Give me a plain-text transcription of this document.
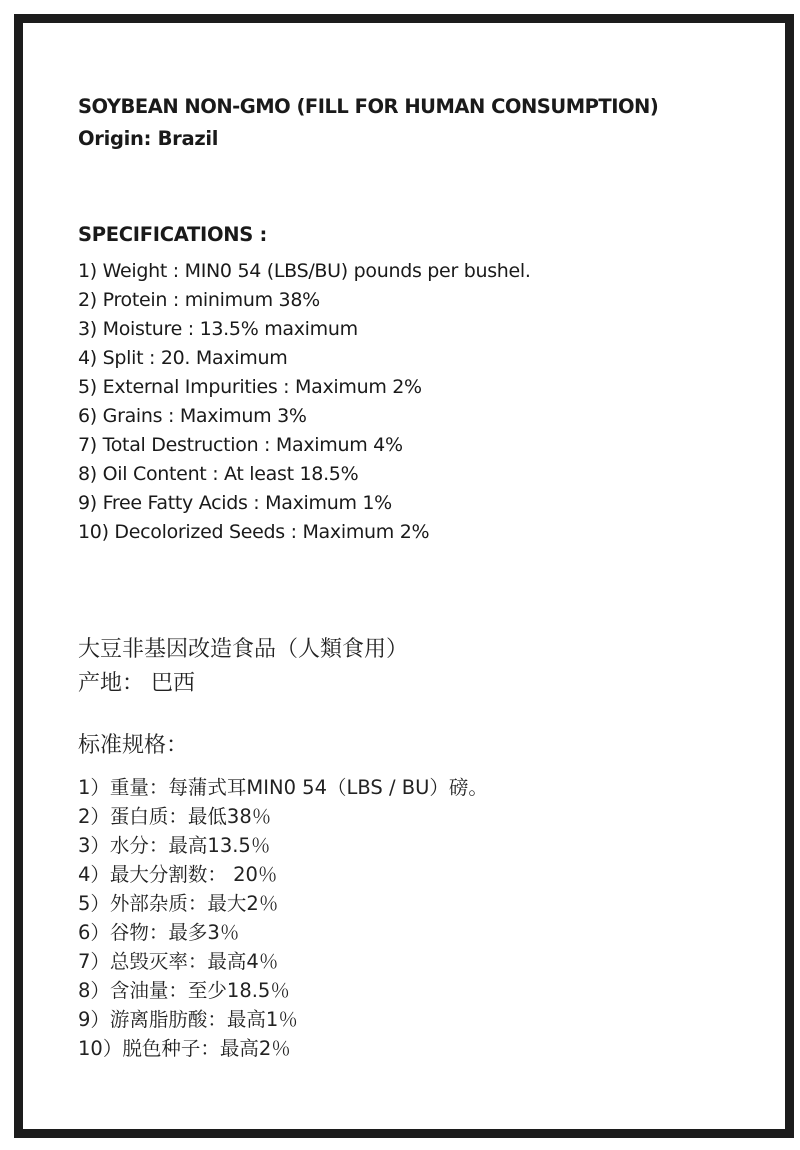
SOYBEAN NON-GMO (FILL FOR HUMAN CONSUMPTION)
Origin: Brazil
SPECIFICATIONS :
1) Weight : MIN0 54 (LBS/BU) pounds per bushel.
2) Protein : minimum 38%
3) Moisture : 13.5% maximum
4) Split : 20. Maximum
5) External Impurities : Maximum 2%
6) Grains : Maximum 3%
7) Total Destruction : Maximum 4%
8) Oil Content : At least 18.5%
9) Free Fatty Acids : Maximum 1%
10) Decolorized Seeds : Maximum 2%
大豆非基因改造食品（人類食用）
产地： 巴西
标准规格：
1）重量：每蒲式耳MIN0 54（LBS / BU）磅。
2）蛋白质：最低38％
3）水分：最高13.5％
4）最大分割数： 20％
5）外部杂质：最大2％
6）谷物：最多3％
7）总毁灭率：最高4％
8）含油量：至少18.5％
9）游离脂肪酸：最高1％
10）脱色种子：最高2％
